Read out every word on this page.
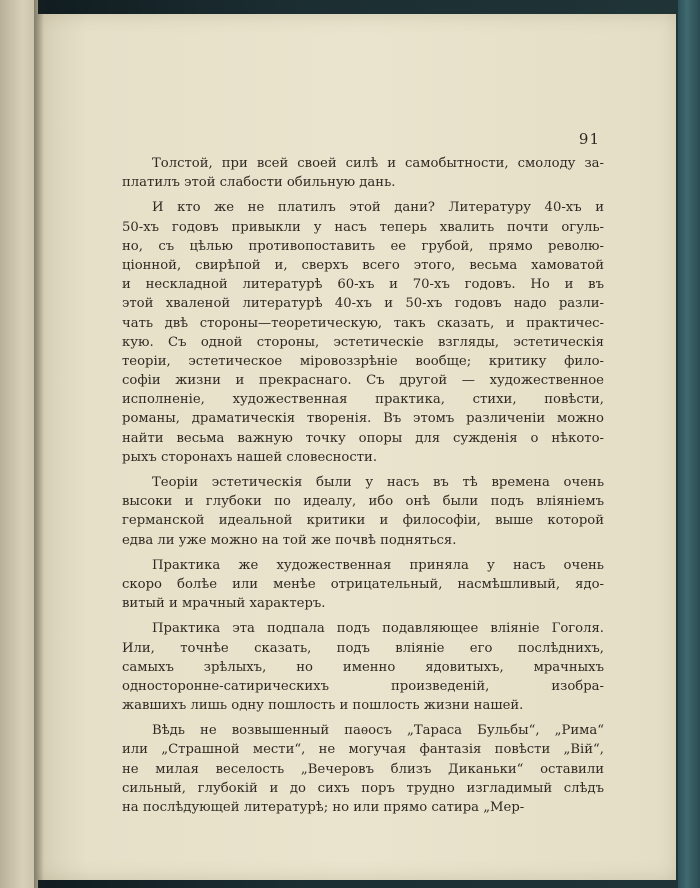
91
Толстой, при всей своей силѣ и самобытности, смолоду за-
платилъ этой слабости обильную дань.
И кто же не платилъ этой дани? Литературу 40-хъ и
50-хъ годовъ привыкли у насъ теперь хвалить почти огуль-
но, съ цѣлью противопоставить ее грубой, прямо револю-
ціонной, свирѣпой и, сверхъ всего этого, весьма хамоватой
и нескладной литературѣ 60-хъ и 70-хъ годовъ. Но и въ
этой хваленой литературѣ 40-хъ и 50-хъ годовъ надо разли-
чать двѣ стороны—теоретическую, такъ сказать, и практичес-
кую. Съ одной стороны, эстетическіе взгляды, эстетическія
теоріи, эстетическое міровоззрѣніе вообще; критику фило-
софіи жизни и прекраснаго. Съ другой — художественное
исполненіе, художественная практика, стихи, повѣсти,
романы, драматическія творенія. Въ этомъ различеніи можно
найти весьма важную точку опоры для сужденія о нѣкото-
рыхъ сторонахъ нашей словесности.
Теоріи эстетическія были у насъ въ тѣ времена очень
высоки и глубоки по идеалу, ибо онѣ были подъ вліяніемъ
германской идеальной критики и философіи, выше которой
едва ли уже можно на той же почвѣ подняться.
Практика же художественная приняла у насъ очень
скоро болѣе или менѣе отрицательный, насмѣшливый, ядо-
витый и мрачный характеръ.
Практика эта подпала подъ подавляющее вліяніе Гоголя.
Или, точнѣе сказать, подъ вліяніе его послѣднихъ,
самыхъ зрѣлыхъ, но именно ядовитыхъ, мрачныхъ
односторонне-сатирическихъ произведеній, изобра-
жавшихъ лишь одну пошлость и пошлость жизни нашей.
Вѣдь не возвышенный паѳосъ „Тараса Бульбы“, „Рима“
или „Страшной мести“, не могучая фантазія повѣсти „Вій“,
не милая веселость „Вечеровъ близъ Диканьки“ оставили
сильный, глубокій и до сихъ поръ трудно изгладимый слѣдъ
на послѣдующей литературѣ; но или прямо сатира „Мер-
